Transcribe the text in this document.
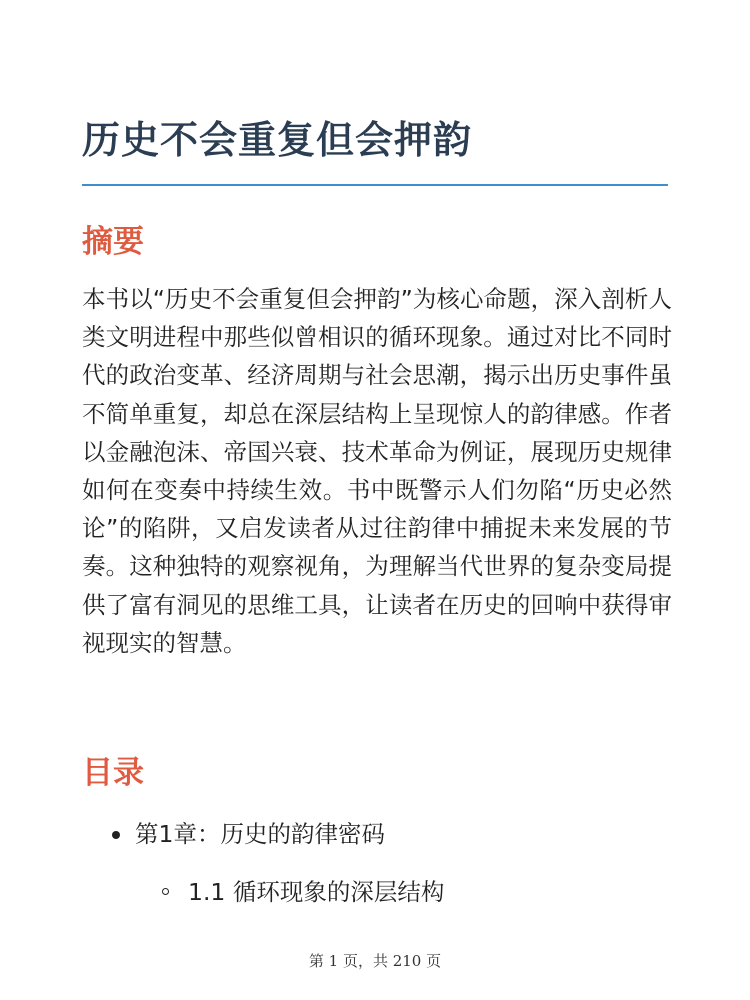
历史不会重复但会押韵
摘要

本书以“历史不会重复但会押韵”为核心命题，深入剖析人类文明进程中那些似曾相识的循环现象。通过对比不同时代的政治变革、经济周期与社会思潮，揭示出历史事件虽不简单重复，却总在深层结构上呈现惊人的韵律感。作者以金融泡沫、帝国兴衰、技术革命为例证，展现历史规律如何在变奏中持续生效。书中既警示人们勿陷“历史必然论”的陷阱，又启发读者从过往韵律中捕捉未来发展的节奏。这种独特的观察视角，为理解当代世界的复杂变局提供了富有洞见的思维工具，让读者在历史的回响中获得审视现实的智慧。

目录
第1章：历史的韵律密码
1.1 循环现象的深层结构
第 1 页，共 210 页
